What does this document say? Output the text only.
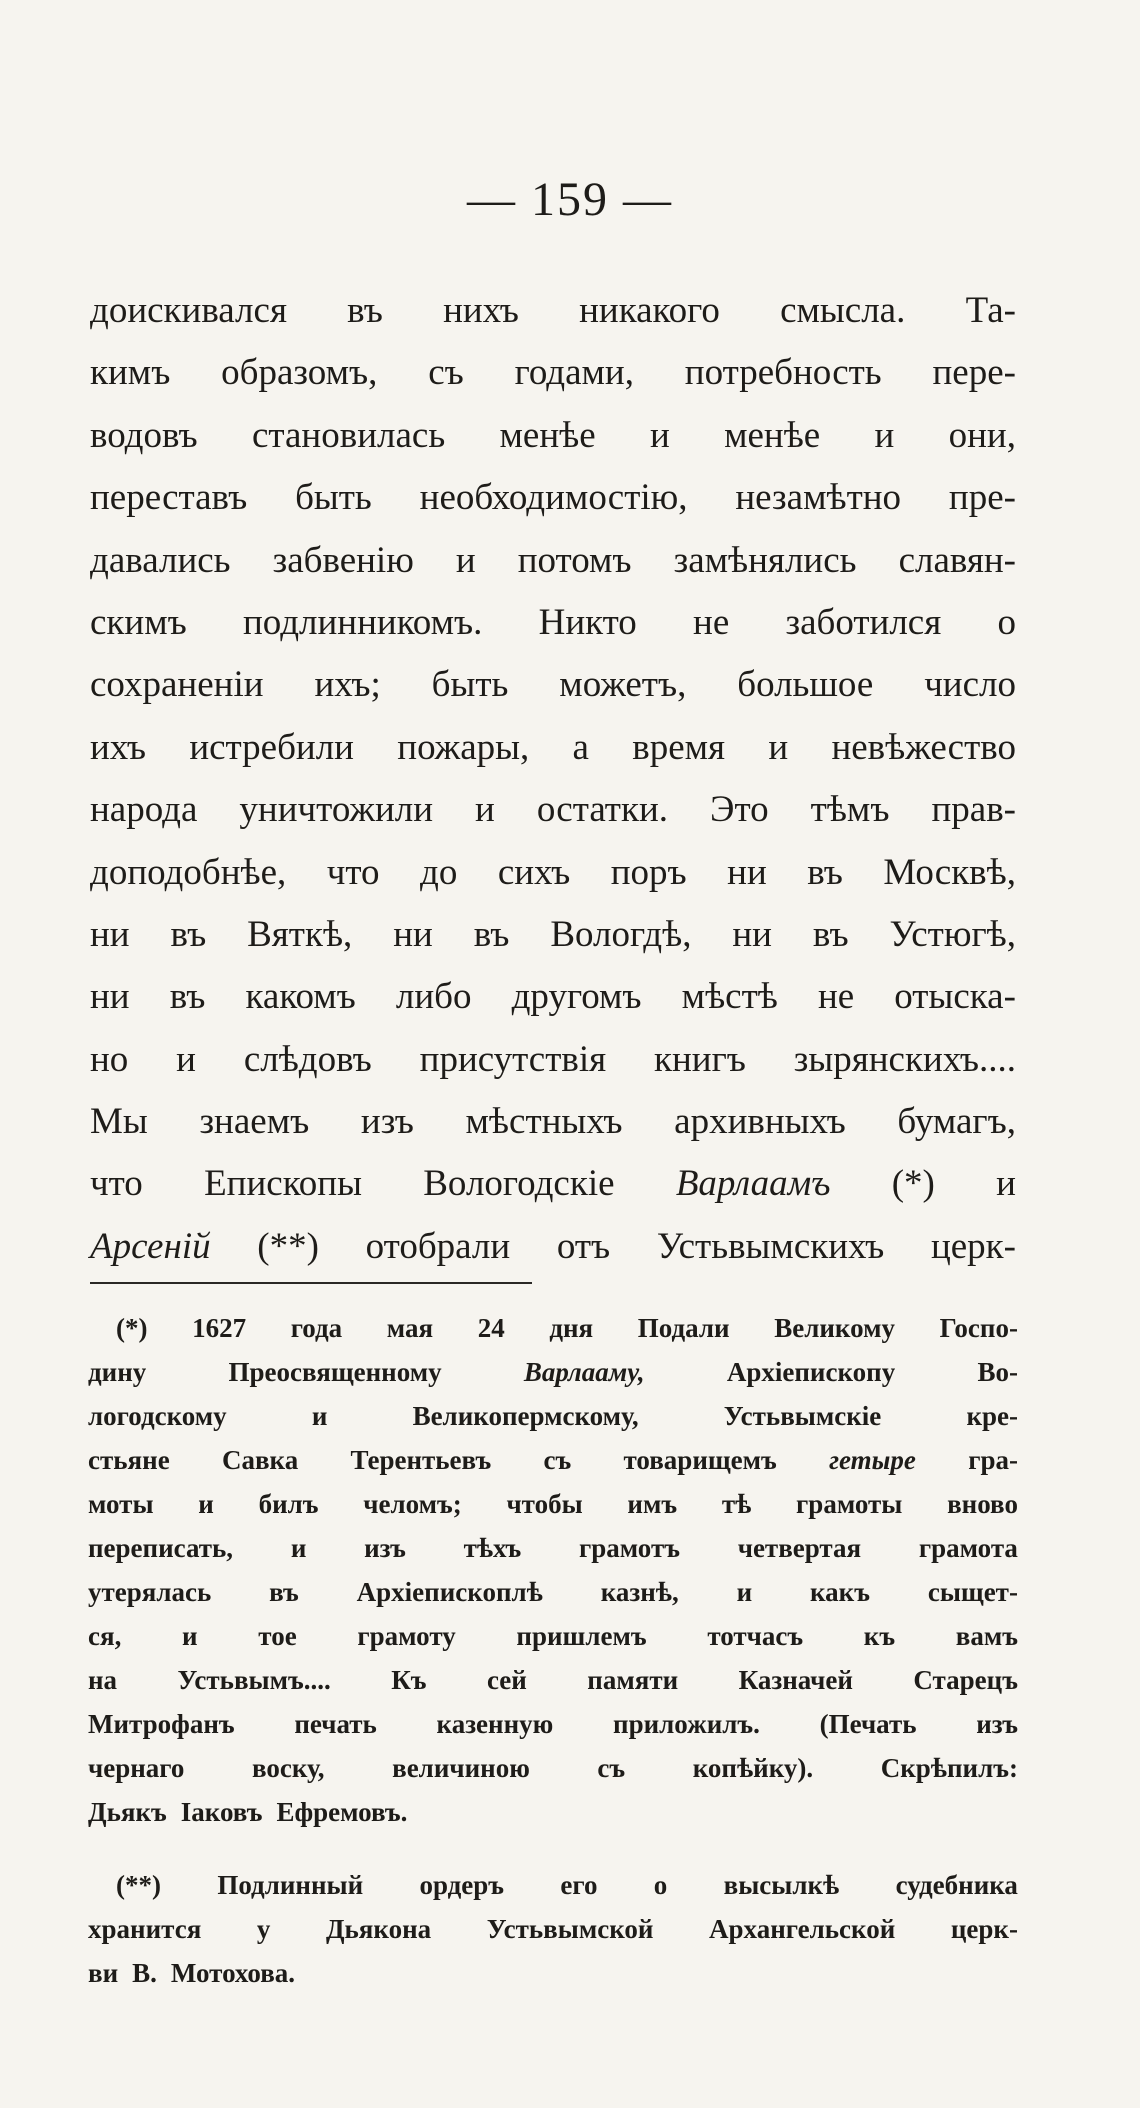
— 159 —
доискивался въ нихъ никакого смысла. Та-
кимъ образомъ, съ годами, потребность пере-
водовъ становилась менѣе и менѣе и они,
переставъ быть необходимостію, незамѣтно пре-
давались забвенію и потомъ замѣнялись славян-
скимъ подлинникомъ. Никто не заботился о
сохраненіи ихъ; быть можетъ, большое число
ихъ истребили пожары, а время и невѣжество
народа уничтожили и остатки. Это тѣмъ прав-
доподобнѣе, что до сихъ поръ ни въ Москвѣ,
ни въ Вяткѣ, ни въ Вологдѣ, ни въ Устюгѣ,
ни въ какомъ либо другомъ мѣстѣ не отыска-
но и слѣдовъ присутствія книгъ зырянскихъ....
Мы знаемъ изъ мѣстныхъ архивныхъ бумагъ,
что Епископы Вологодскіе Варлаамъ (*) и
Арсеній (**) отобрали отъ Устьвымскихъ церк-
(*) 1627 года мая 24 дня Подали Великому Госпо-
дину	Преосвященному	Варлааму,	Архіепископу	Во-
логодскому	и	Великопермскому,	Устьвымскіе	кре-
стьяне Савка Терентьевъ съ товарищемъ гетыре гра-
моты и билъ челомъ; чтобы имъ тѣ грамоты вново
переписать, и изъ тѣхъ грамотъ четвертая грамота
утерялась въ Архіепископлѣ казнѣ, и какъ сыщет-
ся, и тое грамоту пришлемъ тотчасъ къ вамъ
на Устьвымъ.... Къ сей памяти Казначей Старецъ
Митрофанъ печать казенную приложилъ. (Печать изъ
чернаго	воску,	величиною	съ	копѣйку).	Скрѣпилъ:
Дьякъ Іаковъ Ефремовъ.
(**) Подлинный ордеръ его о высылкѣ судебника
хранится у Дьякона Устьвымской Архангельской церк-
ви В. Мотохова.
